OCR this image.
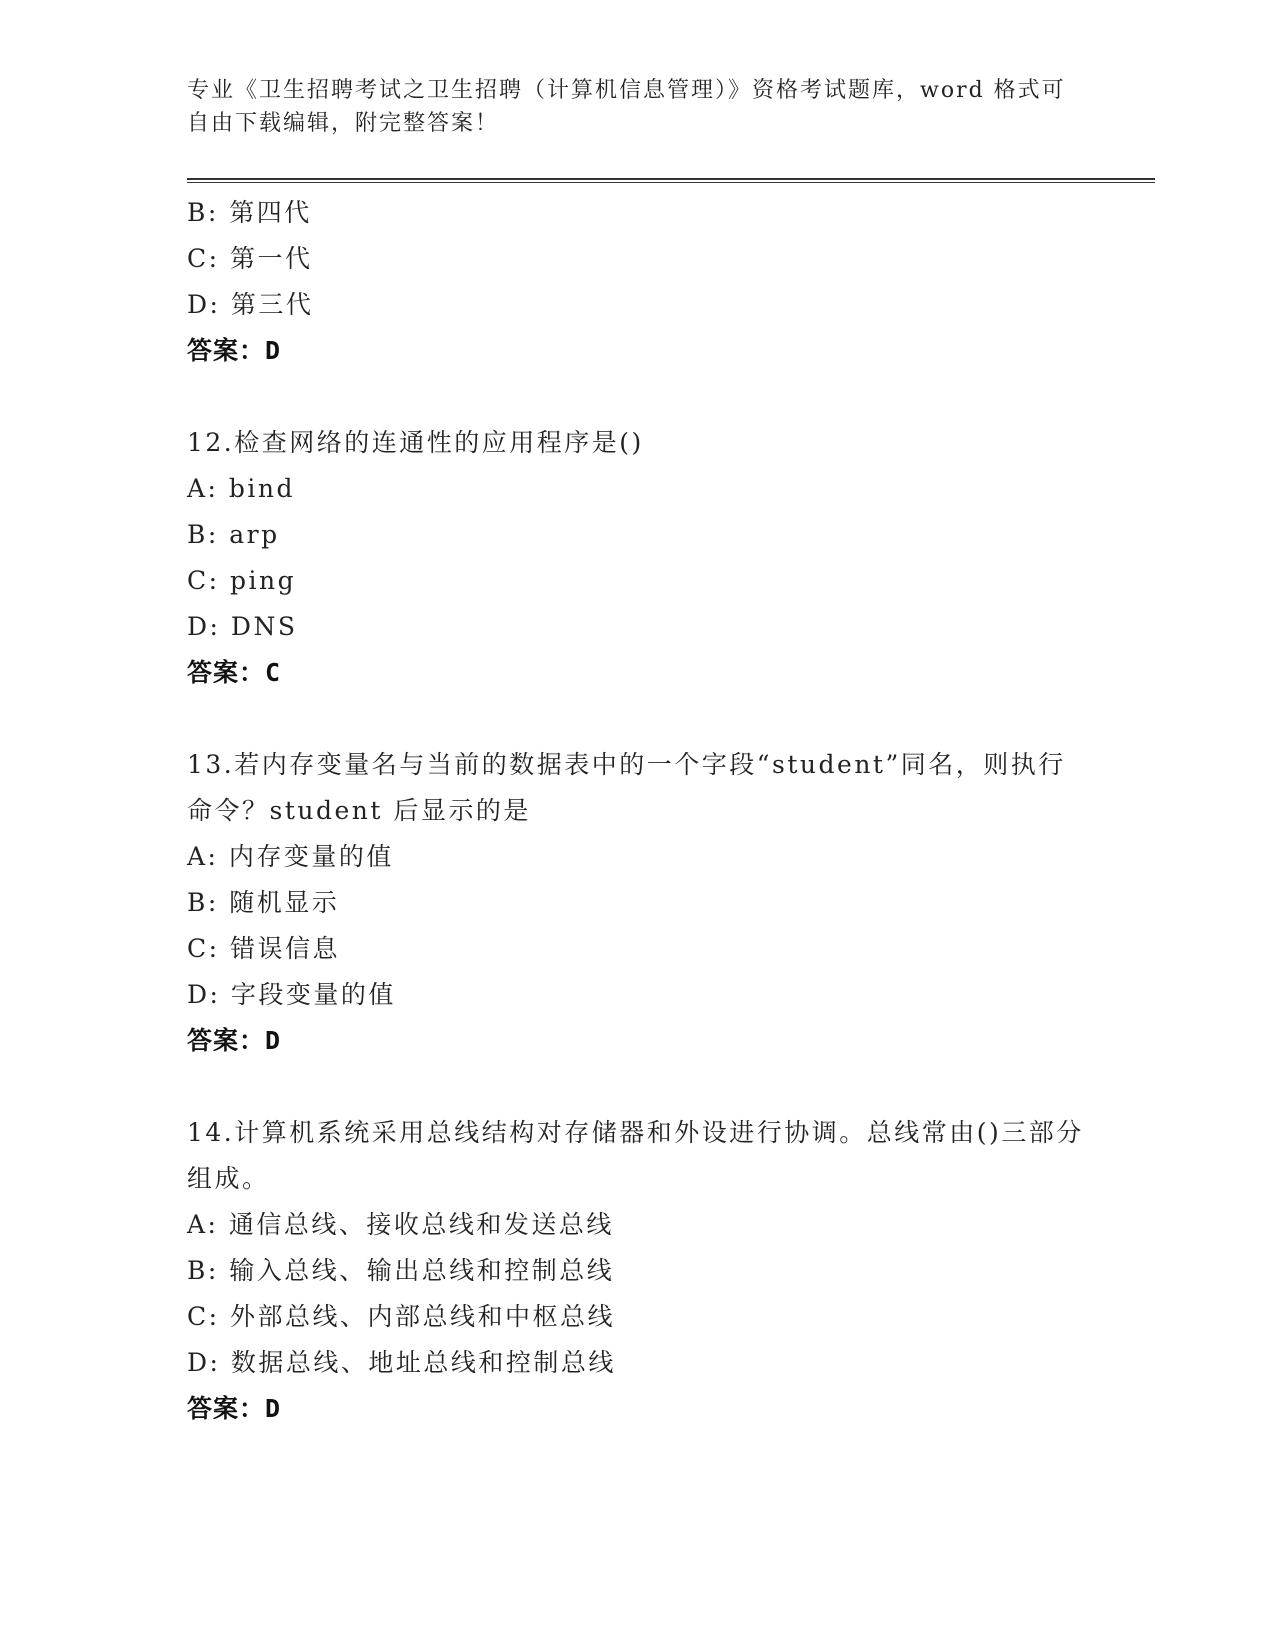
专业《卫生招聘考试之卫生招聘（计算机信息管理）》资格考试题库，word 格式可自由下载编辑，附完整答案！
B: 第四代
C: 第一代
D: 第三代
答案：D
12.检查网络的连通性的应用程序是()
A: bind
B: arp
C: ping
D: DNS
答案：C
13.若内存变量名与当前的数据表中的一个字段“student”同名，则执行命令？student 后显示的是
A: 内存变量的值
B: 随机显示
C: 错误信息
D: 字段变量的值
答案：D
14.计算机系统采用总线结构对存储器和外设进行协调。总线常由()三部分组成。
A: 通信总线、接收总线和发送总线
B: 输入总线、输出总线和控制总线
C: 外部总线、内部总线和中枢总线
D: 数据总线、地址总线和控制总线
答案：D
